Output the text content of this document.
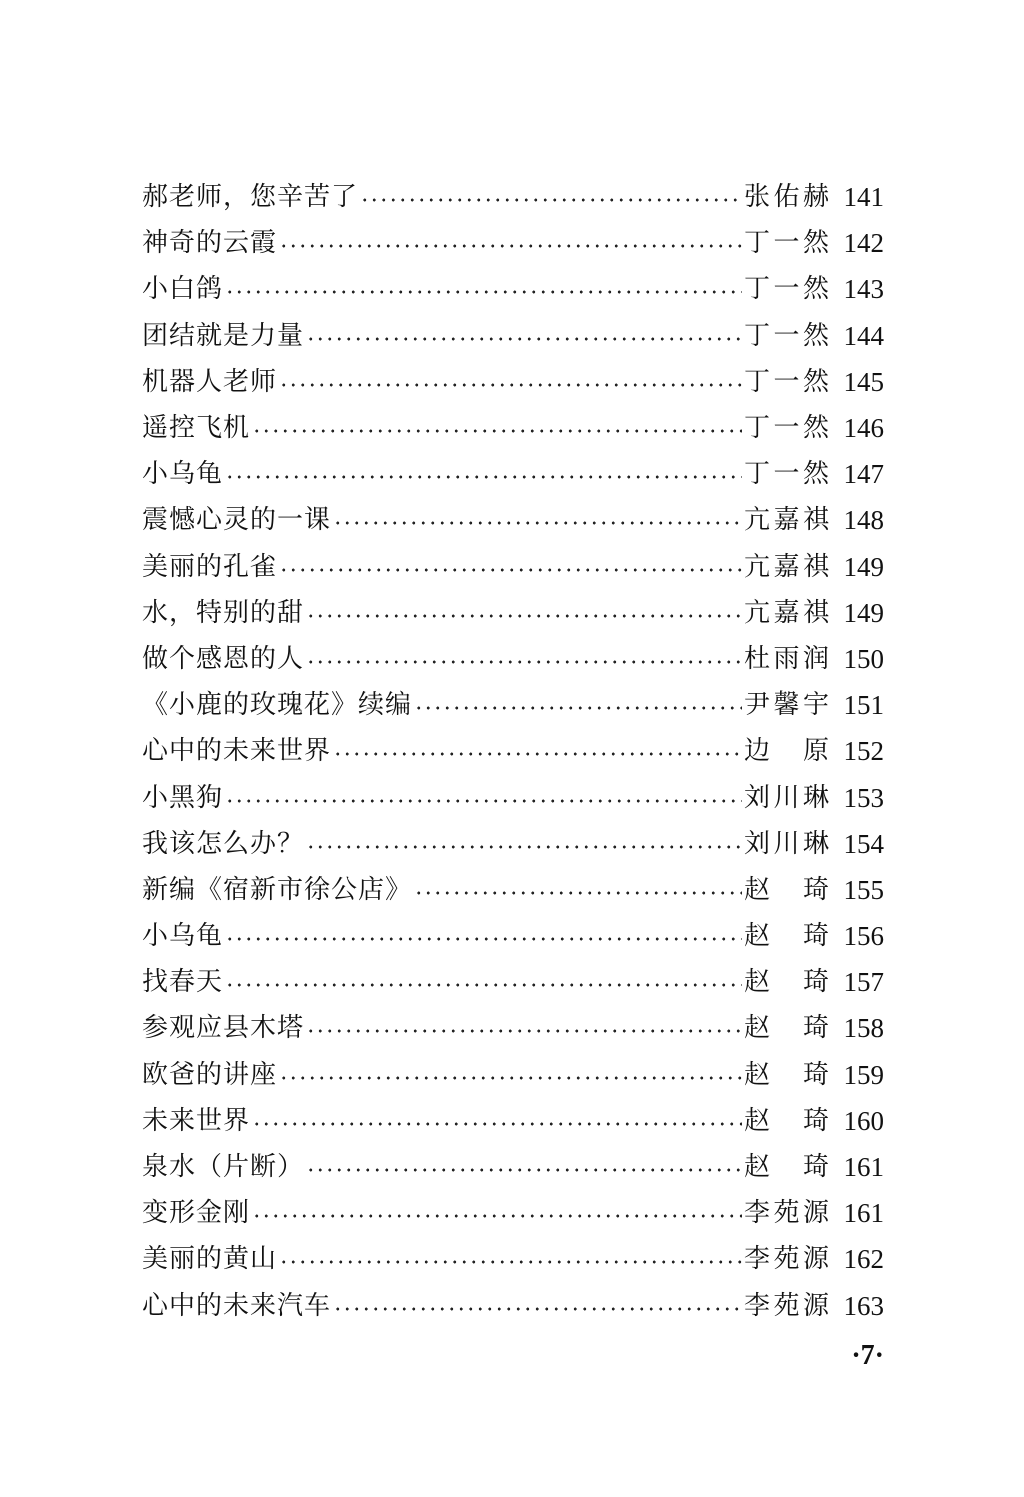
郝老师，您辛苦了	张佑赫 141
神奇的云霞	丁一然 142
小白鸽	丁一然 143
团结就是力量	丁一然 144
机器人老师	丁一然 145
遥控飞机	丁一然 146
小乌龟	丁一然 147
震憾心灵的一课	亢嘉祺 148
美丽的孔雀	亢嘉祺 149
水，特别的甜	亢嘉祺 149
做个感恩的人	杜雨润 150
《小鹿的玫瑰花》续编	尹馨宇 151
心中的未来世界	边　原 152
小黑狗	刘川琳 153
我该怎么办？	刘川琳 154
新编《宿新市徐公店》	赵　琦 155
小乌龟	赵　琦 156
找春天	赵　琦 157
参观应县木塔	赵　琦 158
欧爸的讲座	赵　琦 159
未来世界	赵　琦 160
泉水（片断）	赵　琦 161
变形金刚	李苑源 161
美丽的黄山	李苑源 162
心中的未来汽车	李苑源 163
·7·
